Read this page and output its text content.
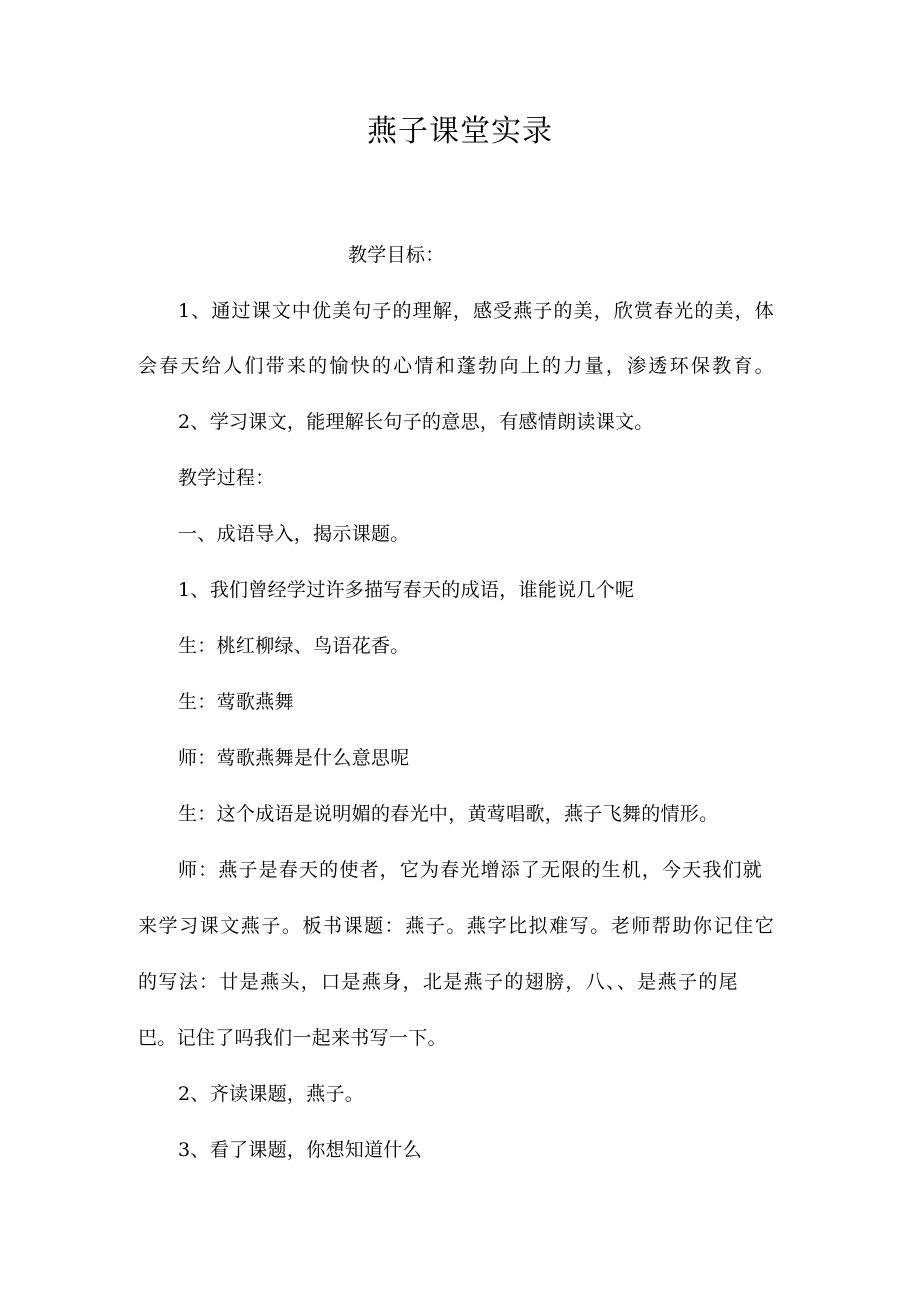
燕子课堂实录
教学目标：
1、通过课文中优美句子的理解，感受燕子的美，欣赏春光的美，体
会春天给人们带来的愉快的心情和蓬勃向上的力量，渗透环保教育。
2、学习课文，能理解长句子的意思，有感情朗读课文。
教学过程：
一、成语导入，揭示课题。
1、我们曾经学过许多描写春天的成语，谁能说几个呢
生：桃红柳绿、鸟语花香。
生：莺歌燕舞
师：莺歌燕舞是什么意思呢
生：这个成语是说明媚的春光中，黄莺唱歌，燕子飞舞的情形。
师：燕子是春天的使者，它为春光增添了无限的生机，今天我们就
来学习课文燕子。板书课题：燕子。燕字比拟难写。老师帮助你记住它
的写法：廿是燕头，口是燕身，北是燕子的翅膀，八、、是燕子的尾
巴。记住了吗我们一起来书写一下。
2、齐读课题，燕子。
3、看了课题，你想知道什么
